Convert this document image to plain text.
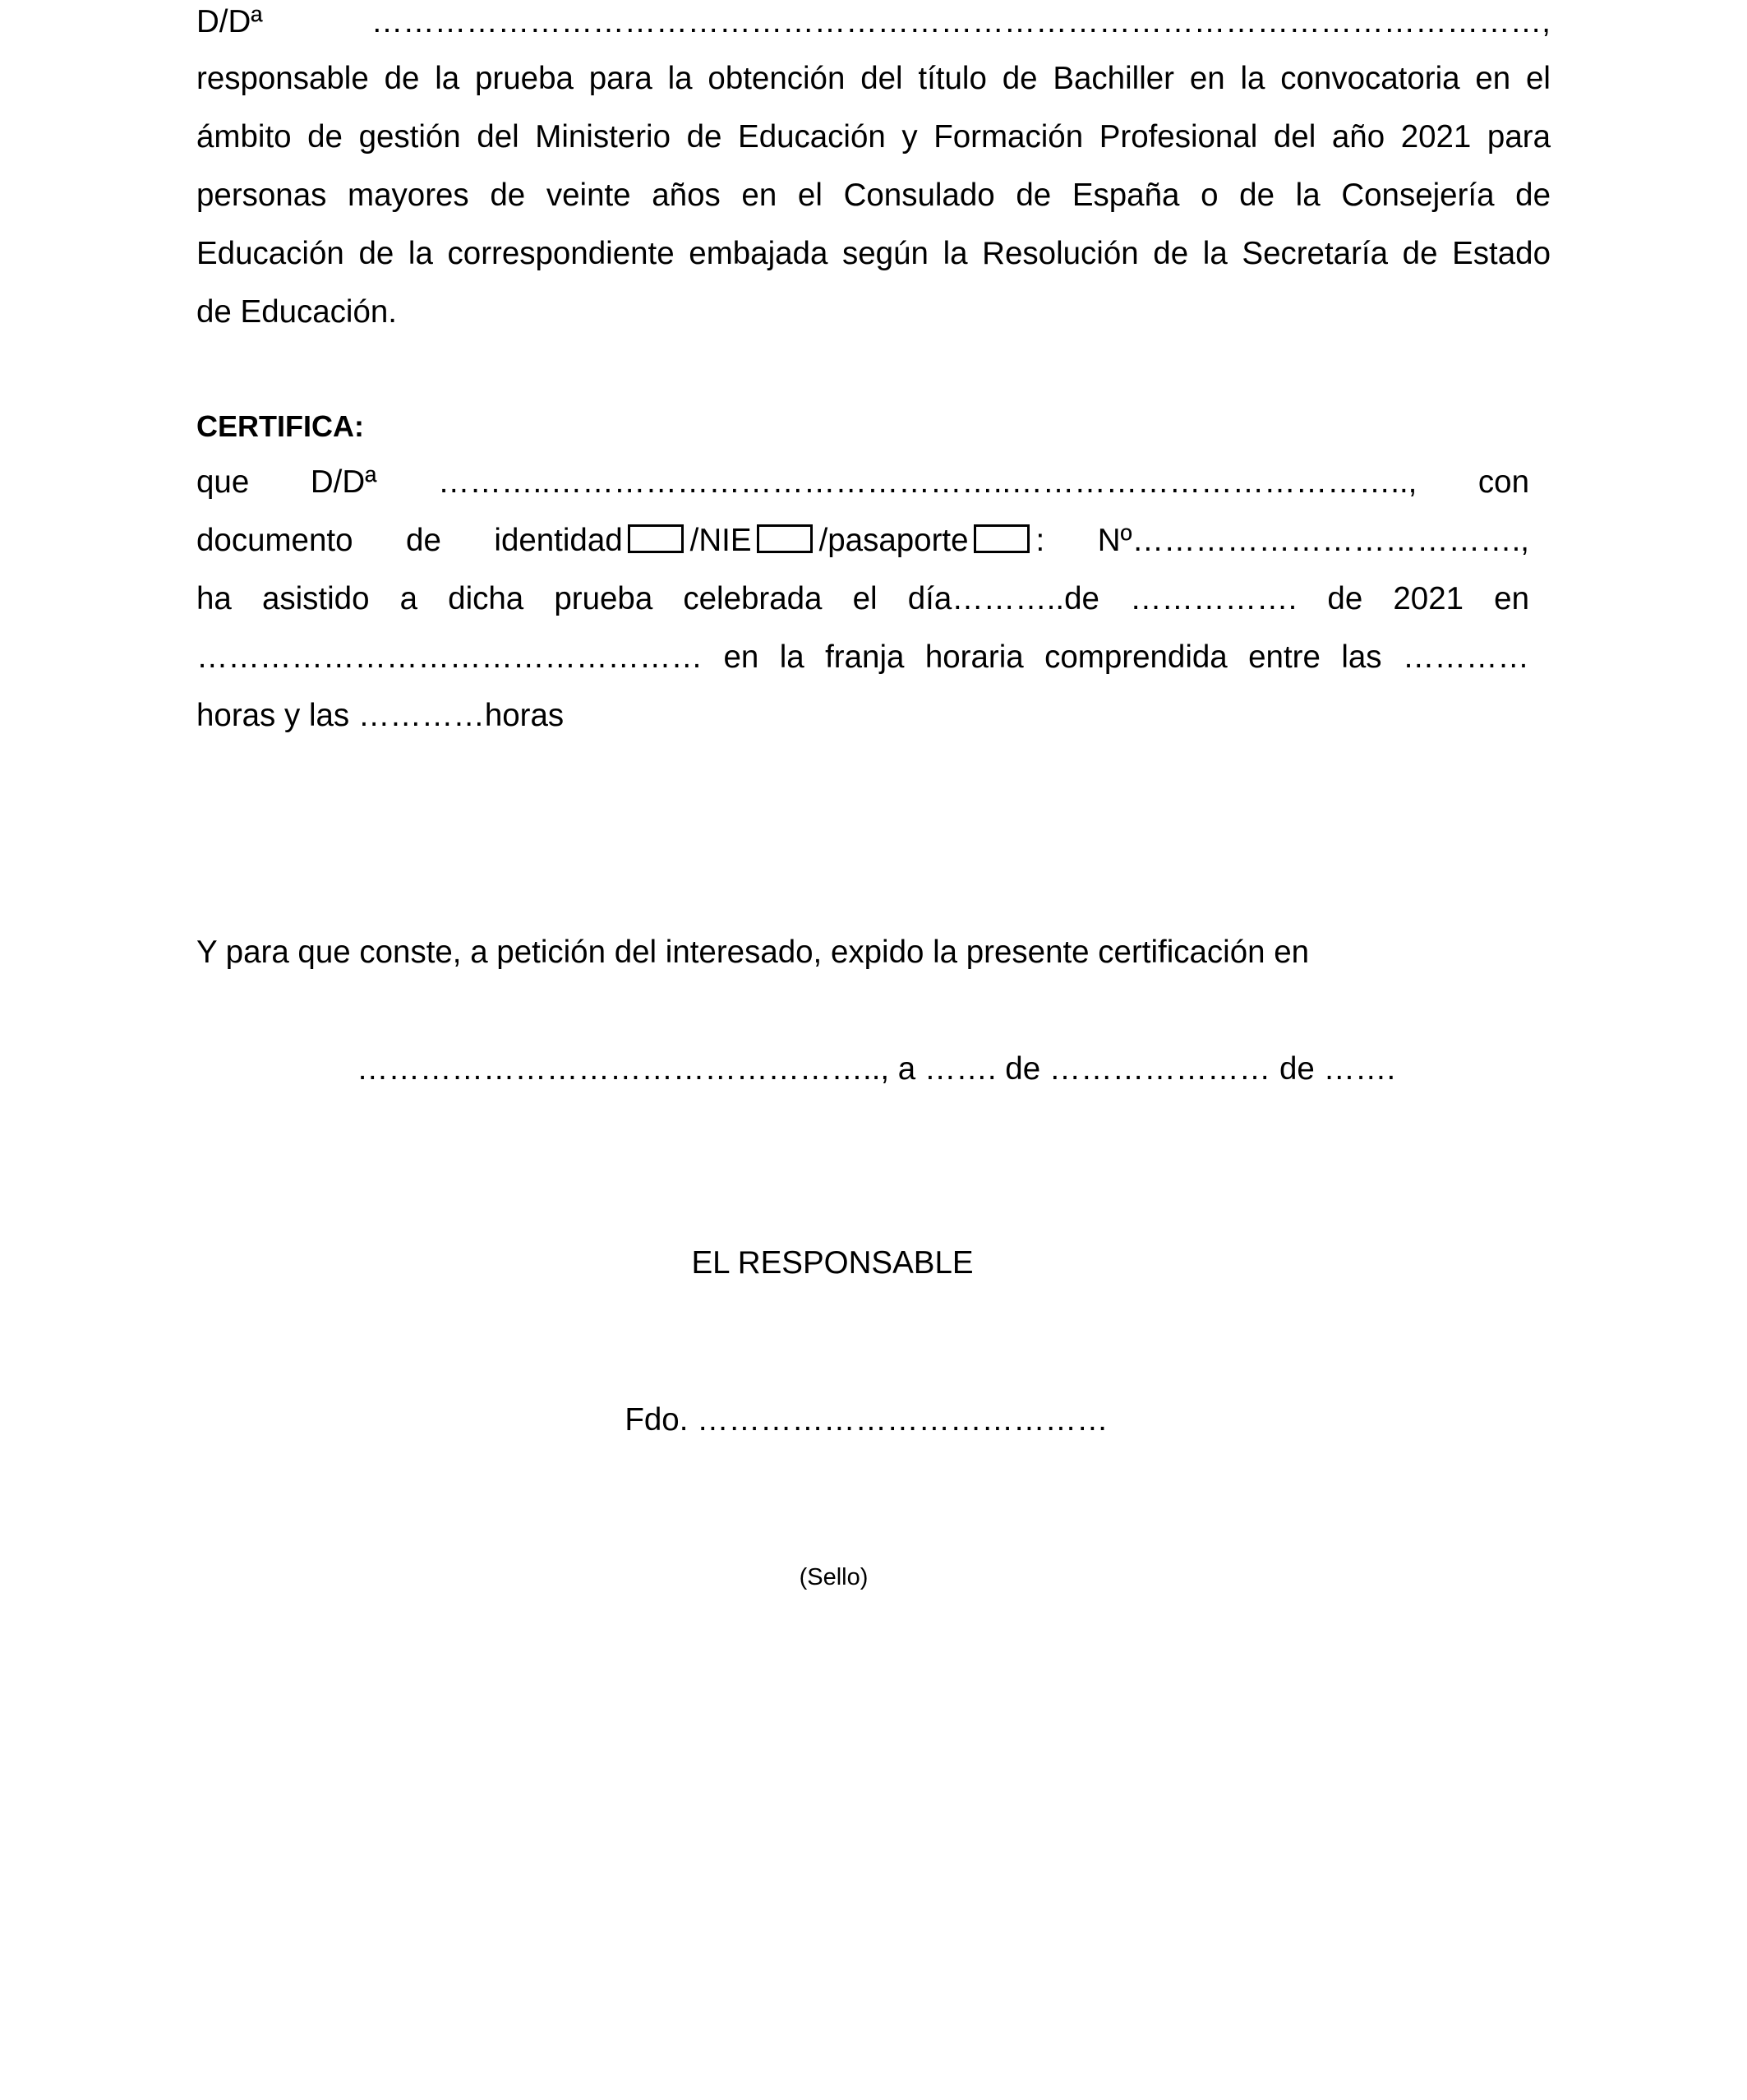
D/Dª …………………………………………………………………………………………………,
responsable de la prueba para la obtención del título de Bachiller en la convocatoria en el
ámbito de gestión del Ministerio de Educación y Formación Profesional del año 2021 para
personas mayores de veinte años en el Consulado de España o de la Consejería de
Educación de la correspondiente embajada según la Resolución de la Secretaría de Estado
de Educación.
CERTIFICA:
que D/Dª ………..……………………………………..……………………………….., con
documento de identidad /NIE /pasaporte : Nº……………………………….,
ha asistido a dicha prueba celebrada el día………..de ……………. de 2021 en
………………………………………… en la franja horaria comprendida entre las …………
horas y las …………horas
Y para que conste, a petición del interesado, expido la presente certificación en
………………………………………….., a ……. de ………………… de …….
EL RESPONSABLE
Fdo. …………………………………
(Sello)
